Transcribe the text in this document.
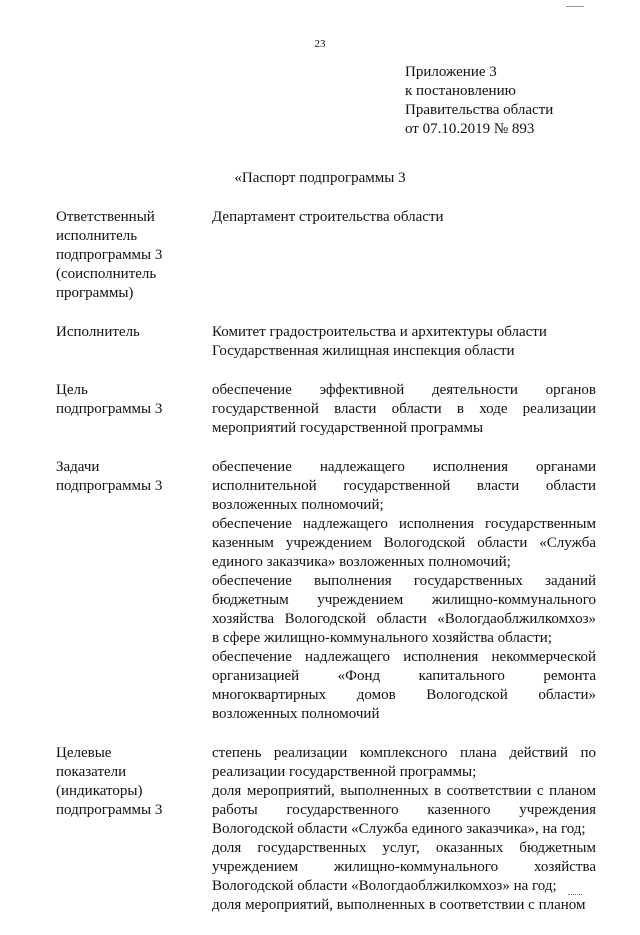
23
Приложение 3
к постановлению
Правительства области
от 07.10.2019 № 893
«Паспорт подпрограммы 3
Ответственный
исполнитель
подпрограммы 3
(соисполнитель
программы)
Департамент строительства области
Исполнитель	Комитет градостроительства и архитектуры области
Государственная жилищная инспекция области
Цель
подпрограммы 3
обеспечение эффективной деятельности органов
государственной власти области в ходе реализации
мероприятий государственной программы
Задачи
подпрограммы 3
обеспечение надлежащего исполнения органами
исполнительной государственной власти области
возложенных полномочий;
обеспечение надлежащего исполнения государственным
казенным учреждением Вологодской области «Служба
единого заказчика» возложенных полномочий;
обеспечение выполнения государственных заданий
бюджетным учреждением жилищно-коммунального
хозяйства Вологодской области «Вологдаоблжилкомхоз»
в сфере жилищно-коммунального хозяйства области;
обеспечение надлежащего исполнения некоммерческой
организацией «Фонд капитального ремонта
многоквартирных домов Вологодской области»
возложенных полномочий
Целевые
показатели
(индикаторы)
подпрограммы 3
степень реализации комплексного плана действий по
реализации государственной программы;
доля мероприятий, выполненных в соответствии с планом
работы государственного казенного учреждения
Вологодской области «Служба единого заказчика», на год;
доля государственных услуг, оказанных бюджетным
учреждением жилищно-коммунального хозяйства
Вологодской области «Вологдаоблжилкомхоз» на год;
доля мероприятий, выполненных в соответствии с планом
